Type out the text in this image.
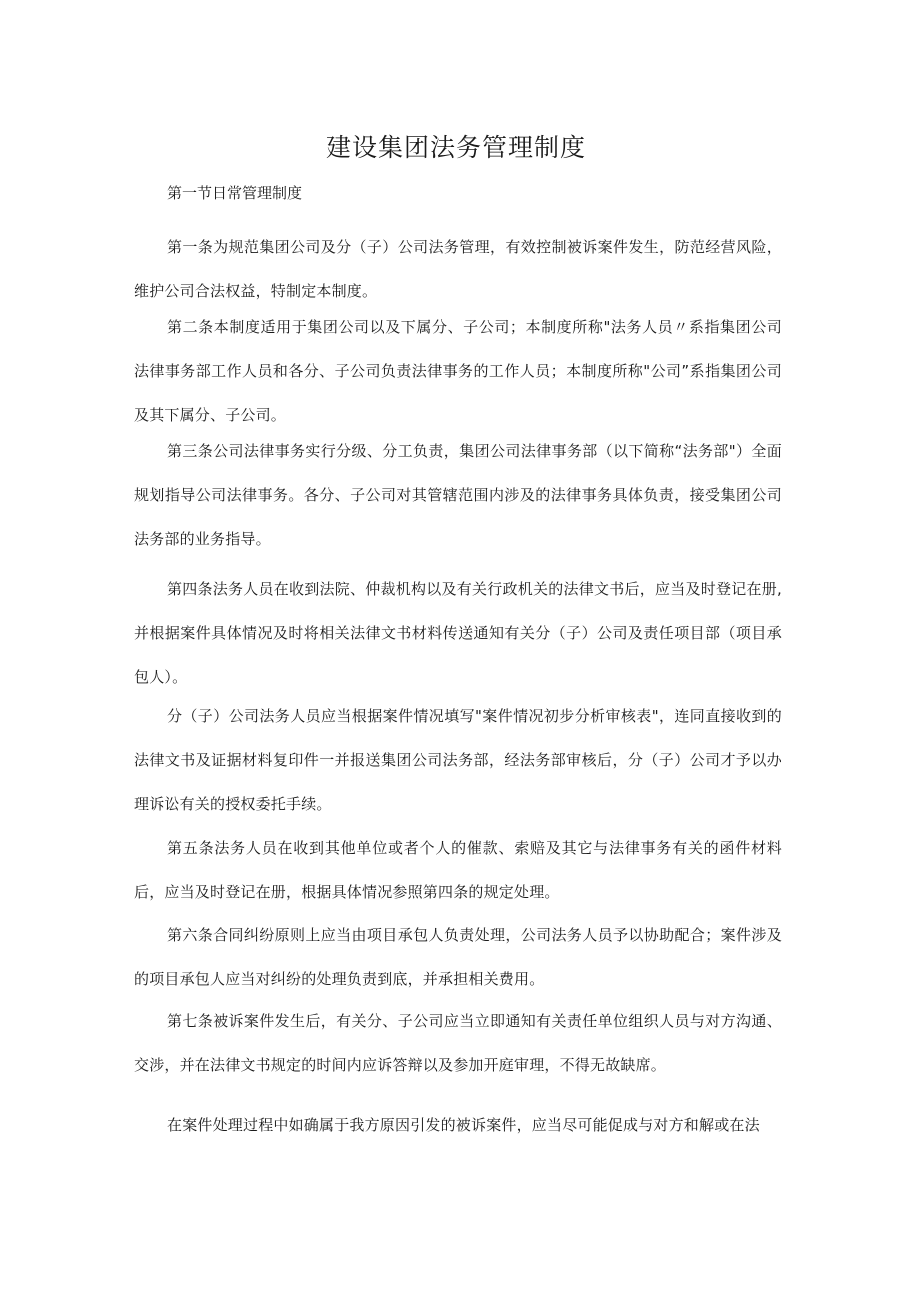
建设集团法务管理制度

第一节日常管理制度

第一条为规范集团公司及分（子）公司法务管理，有效控制被诉案件发生，防范经营风险，维护公司合法权益，特制定本制度。

第二条本制度适用于集团公司以及下属分、子公司；本制度所称"法务人员〃系指集团公司法律事务部工作人员和各分、子公司负责法律事务的工作人员；本制度所称"公司”系指集团公司及其下属分、子公司。

第三条公司法律事务实行分级、分工负责，集团公司法律事务部（以下简称“法务部"）全面规划指导公司法律事务。各分、子公司对其管辖范围内涉及的法律事务具体负责，接受集团公司法务部的业务指导。

第四条法务人员在收到法院、仲裁机构以及有关行政机关的法律文书后，应当及时登记在册,并根据案件具体情况及时将相关法律文书材料传送通知有关分（子）公司及责任项目部（项目承包人）。

分（子）公司法务人员应当根据案件情况填写"案件情况初步分析审核表"，连同直接收到的法律文书及证据材料复印件一并报送集团公司法务部，经法务部审核后，分（子）公司才予以办理诉讼有关的授权委托手续。

第五条法务人员在收到其他单位或者个人的催款、索赔及其它与法律事务有关的函件材料后，应当及时登记在册，根据具体情况参照第四条的规定处理。

第六条合同纠纷原则上应当由项目承包人负责处理，公司法务人员予以协助配合；案件涉及的项目承包人应当对纠纷的处理负责到底，并承担相关费用。

第七条被诉案件发生后，有关分、子公司应当立即通知有关责任单位组织人员与对方沟通、交涉，并在法律文书规定的时间内应诉答辩以及参加开庭审理，不得无故缺席。

在案件处理过程中如确属于我方原因引发的被诉案件，应当尽可能促成与对方和解或在法
